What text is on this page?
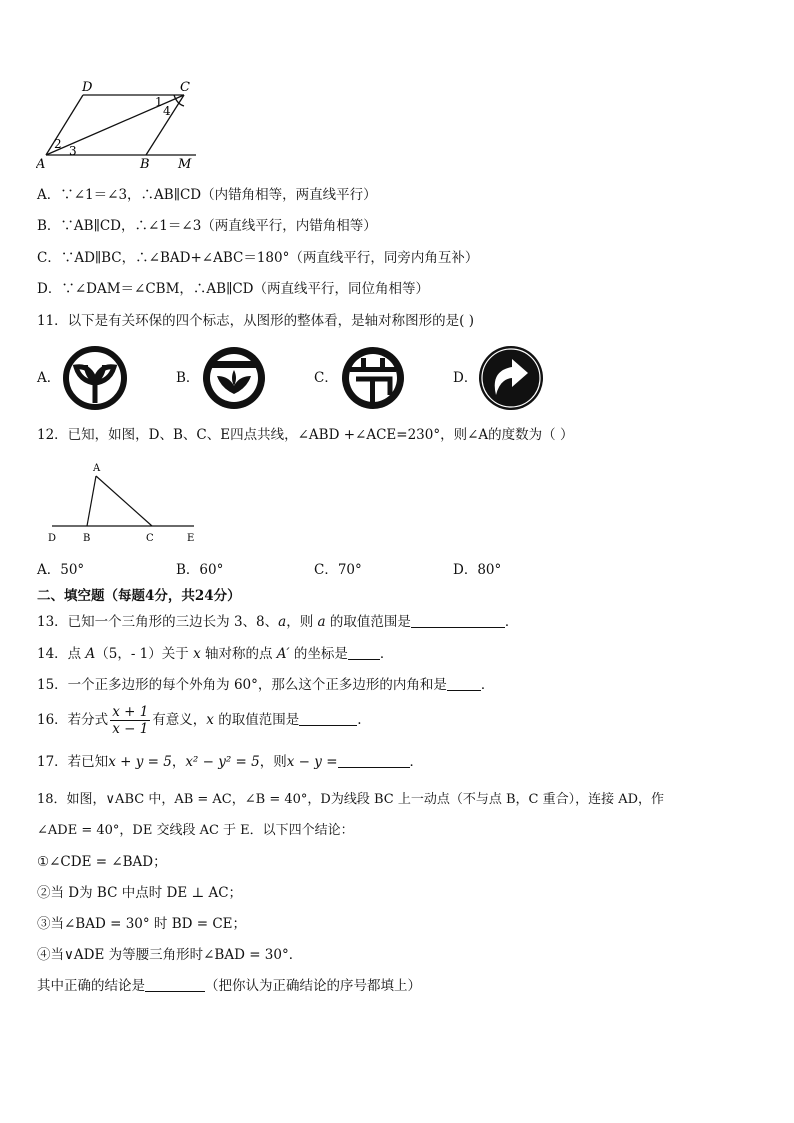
D	C
A	B M
1
2 3
4
A．∵∠1＝∠3，∴AB∥CD（内错角相等，两直线平行）
B．∵AB∥CD，∴∠1＝∠3（两直线平行，内错角相等）
C．∵AD∥BC，∴∠BAD+∠ABC＝180°（两直线平行，同旁内角互补）
D．∵∠DAM＝∠CBM，∴AB∥CD（两直线平行，同位角相等）
11．以下是有关环保的四个标志，从图形的整体看，是轴对称图形的是( )
A．	B．	C．	D．
12．已知，如图，D、B、C、E四点共线，∠ABD +∠ACE=230°，则∠A的度数为（ ）
A
D	B	C	E
A．50°	B．60°	C．70°	D．80°
二、填空题（每题4分，共24分）
13．已知一个三角形的三边长为 3、8、a，则 a 的取值范围是	．
14．点 A（5，- 1）关于 x 轴对称的点 A′ 的坐标是 ．
15．一个正多边形的每个外角为 60°，那么这个正多边形的内角和是	．
16．若分式 $\frac{x + 1}{x - 1}$ 有意义，x 的取值范围是	.
17．若已知x + y = 5，x² − y² = 5，则x − y =	．
18．如图，∨ABC 中，AB = AC，∠B = 40°，D为线段 BC 上一动点（不与点 B，C 重合），连接 AD，作
∠ADE = 40°，DE 交线段 AC 于 E．以下四个结论：
①∠CDE = ∠BAD；
②当 D为 BC 中点时 DE ⊥ AC；
③当∠BAD = 30° 时 BD = CE；
④当∨ADE 为等腰三角形时∠BAD = 30°．
其中正确的结论是	（把你认为正确结论的序号都填上）
